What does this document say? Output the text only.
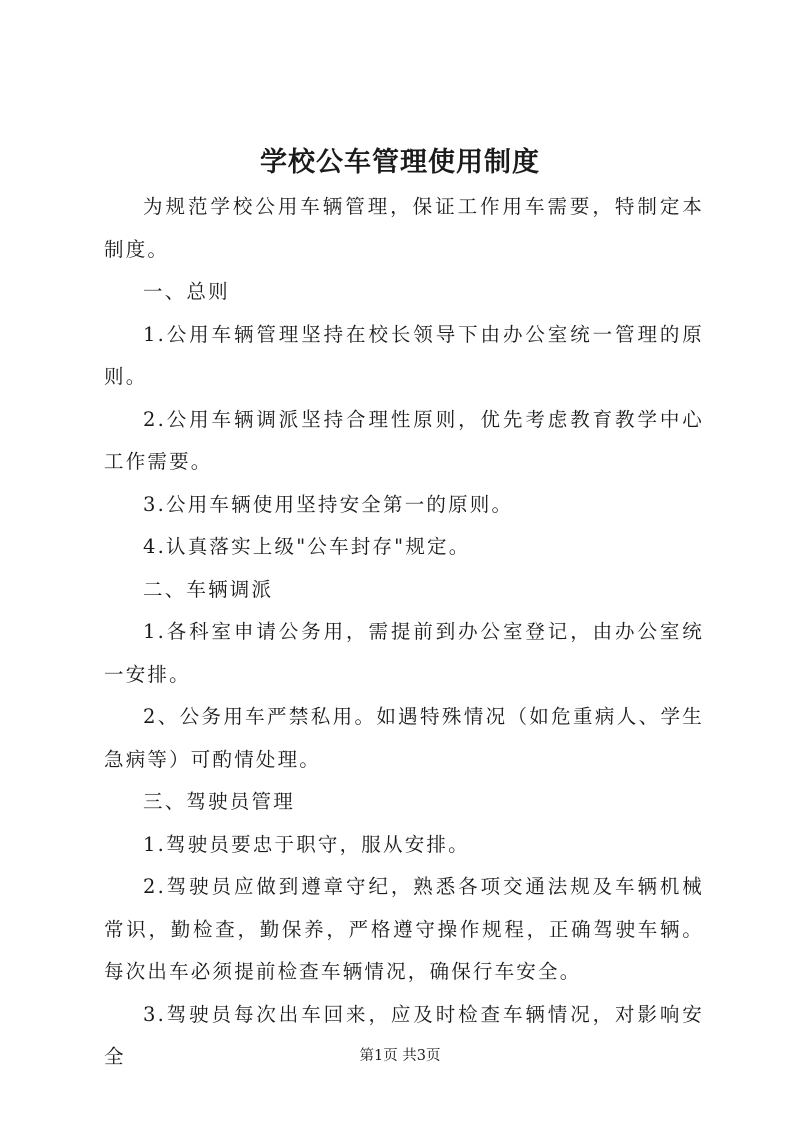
学校公车管理使用制度

为规范学校公用车辆管理，保证工作用车需要，特制定本制度。

一、总则

1.公用车辆管理坚持在校长领导下由办公室统一管理的原则。

2.公用车辆调派坚持合理性原则，优先考虑教育教学中心工作需要。

3.公用车辆使用坚持安全第一的原则。

4.认真落实上级"公车封存"规定。

二、车辆调派

1.各科室申请公务用，需提前到办公室登记，由办公室统一安排。

2、公务用车严禁私用。如遇特殊情况（如危重病人、学生急病等）可酌情处理。

三、驾驶员管理

1.驾驶员要忠于职守，服从安排。

2.驾驶员应做到遵章守纪，熟悉各项交通法规及车辆机械常识，勤检查，勤保养，严格遵守操作规程，正确驾驶车辆。每次出车必须提前检查车辆情况，确保行车安全。

3.驾驶员每次出车回来，应及时检查车辆情况，对影响安全	第1页 共3页
